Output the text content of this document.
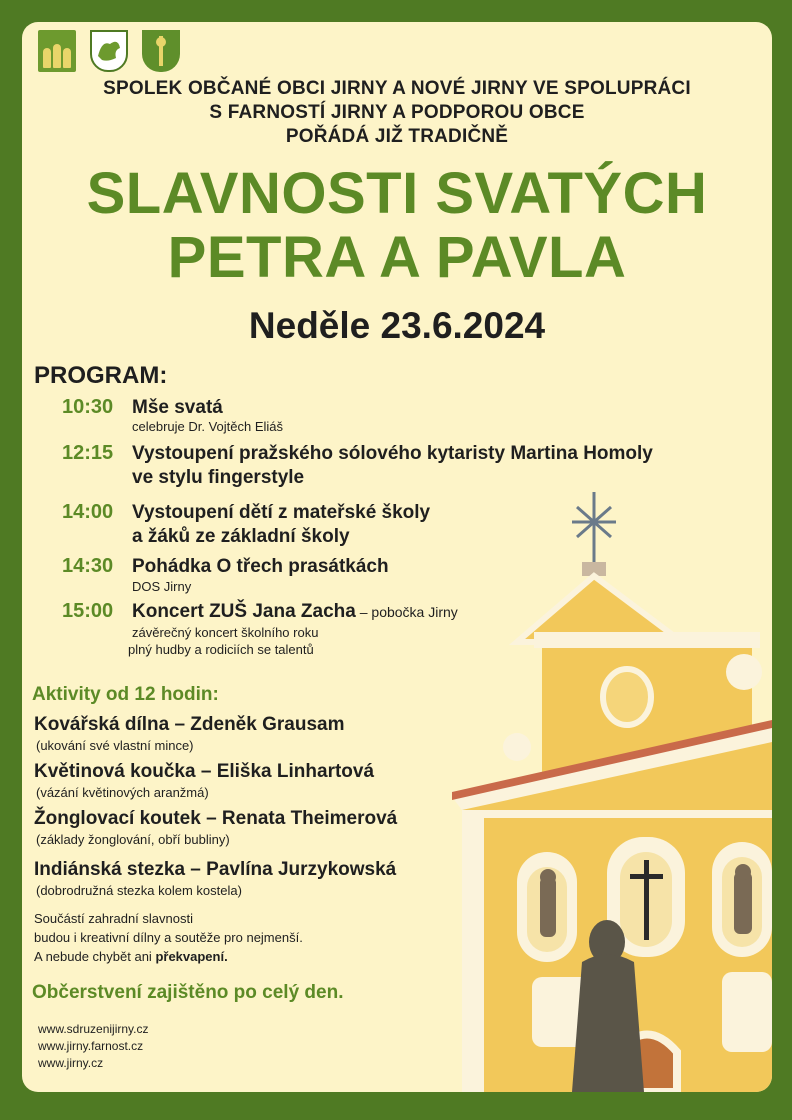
SPOLEK OBČANÉ OBCI JIRNY A NOVÉ JIRNY VE SPOLUPRÁCI
S FARNOSTÍ JIRNY A PODPOROU OBCE
POŘÁDÁ JIŽ TRADIČNĚ
SLAVNOSTI SVATÝCH
PETRA A PAVLA
Neděle 23.6.2024
PROGRAM:
10:30 Mše svatá
celebruje Dr. Vojtěch Eliáš
12:15 Vystoupení pražského sólového kytaristy Martina Homoly
ve stylu fingerstyle
14:00 Vystoupení dětí z mateřské školy
a žáků ze základní školy
14:30 Pohádka O třech prasátkách
DOS Jirny
15:00 Koncert ZUŠ Jana Zacha – pobočka Jirny
závěrečný koncert školního roku
plný hudby a rodiciích se talentů
Aktivity od 12 hodin:
Kovářská dílna – Zdeněk Grausam
(ukování své vlastní mince)
Květinová koučka – Eliška Linhartová
(vázání květinových aranžmá)
Žonglovací koutek – Renata Theimerová
(základy žonglování, obří bubliny)
Indiánská stezka – Pavlína Jurzykowská
(dobrodružná stezka kolem kostela)
Součástí zahradní slavnosti
budou i kreativní dílny a soutěže pro nejmenší.
A nebude chybět ani překvapení.
Občerstvení zajištěno po celý den.
www.sdruzenijirny.cz
www.jirny.farnost.cz
www.jirny.cz
